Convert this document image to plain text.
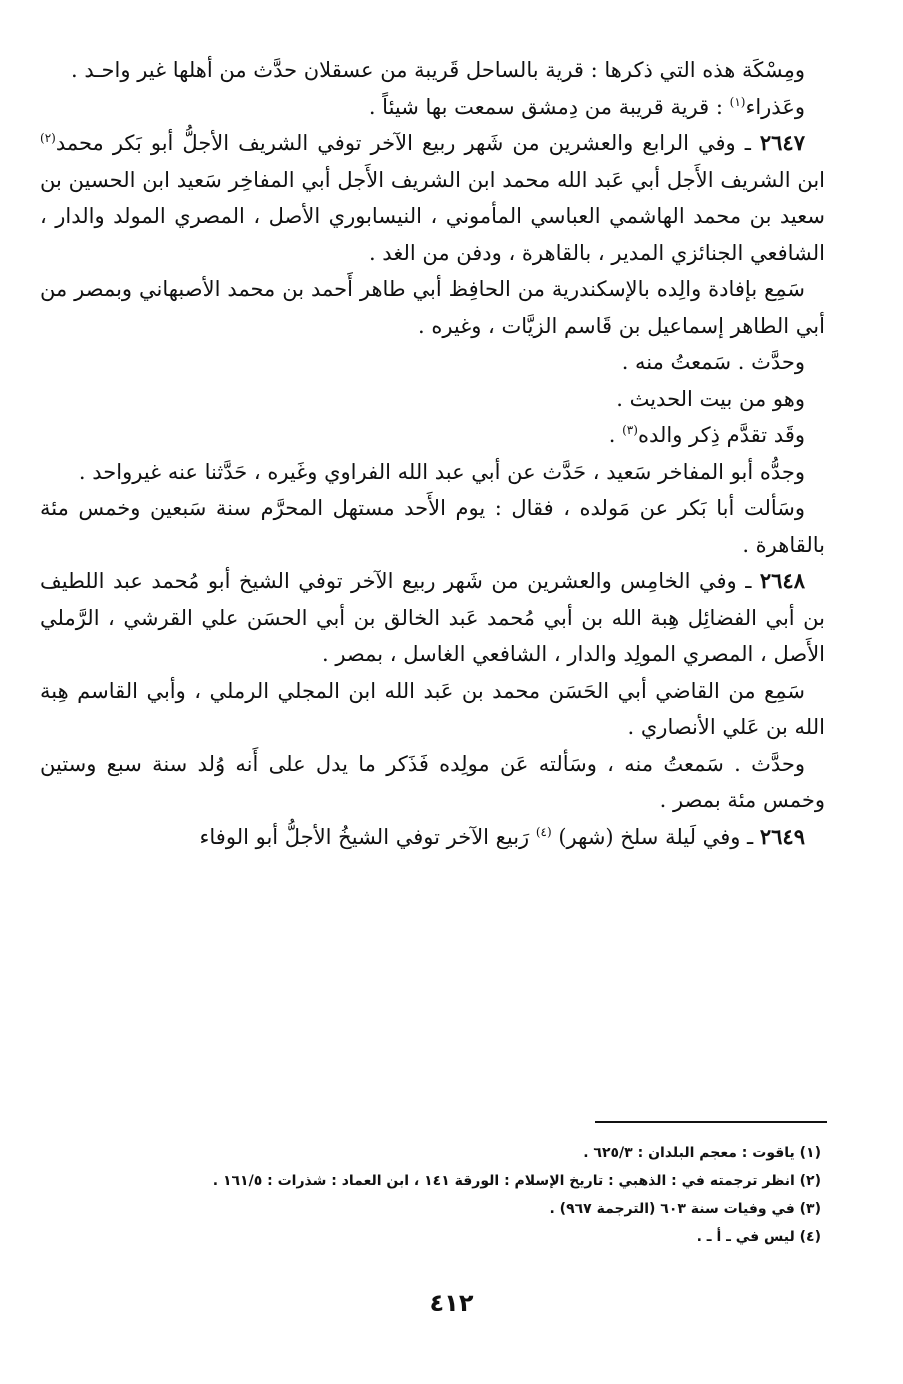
ومِسْكَة هذه التي ذكرها : قرية بالساحل قَريبة من عسقلان حدَّث من أهلها غير واحـد .

وعَذراء$^{(١)}$ : قرية قريبة من دِمشق سمعت بها شيئاً .

٢٦٤٧ ـ وفي الرابع والعشرين من شَهر ربيع الآخر توفي الشريف الأجلُّ أبو بَكر محمد$^{(٢)}$ ابن الشريف الأَجل أبي عَبد الله محمد ابن الشريف الأَجل أبي المفاخِر سَعيد ابن الحسين بن سعيد بن محمد الهاشمي العباسي المأموني ، النيسابوري الأصل ، المصري المولد والدار ، الشافعي الجنائزي المدير ، بالقاهرة ، ودفن من الغد .

سَمِع بإفادة والِده بالإسكندرية من الحافِظ أبي طاهر أَحمد بن محمد الأصبهاني وبمصر من أبي الطاهر إسماعيل بن قَاسم الزيَّات ، وغيره .

وحدَّث . سَمعتُ منه .

وهو من بيت الحديث .

وقَد تقدَّم ذِكر والده$^{(٣)}$ .

وجدُّه أبو المفاخر سَعيد ، حَدَّث عن أبي عبد الله الفراوي وغَيره ، حَدَّثنا عنه غيرواحد .

وسَألت أبا بَكر عن مَولده ، فقال : يوم الأَحد مستهل المحرَّم سنة سَبعين وخمس مئة بالقاهرة .

٢٦٤٨ ـ وفي الخامِس والعشرين من شَهر ربيع الآخر توفي الشيخ أبو مُحمد عبد اللطيف بن أبي الفضائِل هِبة الله بن أبي مُحمد عَبد الخالق بن أبي الحسَن علي القرشي ، الرَّملي الأَصل ، المصري المولِد والدار ، الشافعي الغاسل ، بمصر .

سَمِع من القاضي أبي الحَسَن محمد بن عَبد الله ابن المجلي الرملي ، وأبي القاسم هِبة الله بن عَلي الأنصاري .

وحدَّث . سَمعتُ منه ، وسَألته عَن مولِده فَذَكر ما يدل على أَنه وُلد سنة سبع وستين وخمس مئة بمصر .

٢٦٤٩ ـ وفي لَيلة سلخ (شهر) $^{(٤)}$ رَبيع الآخر توفي الشيخُ الأجلُّ أبو الوفاء

(١) ياقوت : معجم البلدان : ٦٢٥/٣ .

(٢) انظر ترجمته في : الذهبي : تاريخ الإسلام : الورقة ١٤١ ، ابن العماد : شذرات : ١٦١/٥ .

(٣) في وفيات سنة ٦٠٣ (الترجمة ٩٦٧) .

(٤) ليس في ـ أ ـ .

٤١٢
